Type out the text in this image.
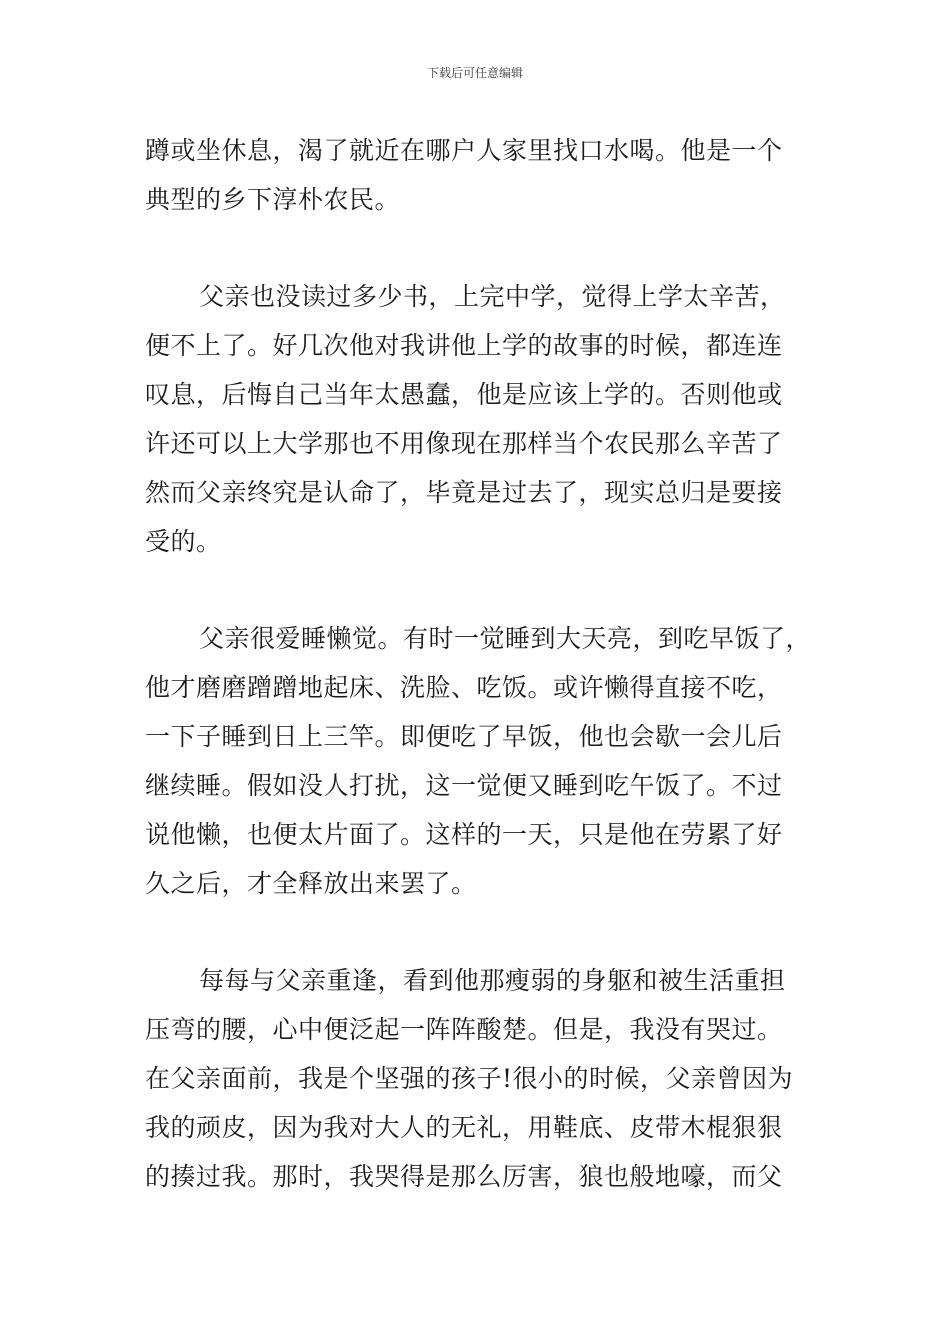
下载后可任意编辑
蹲或坐休息，渴了就近在哪户人家里找口水喝。他是一个
典型的乡下淳朴农民。
父亲也没读过多少书，上完中学，觉得上学太辛苦，
便不上了。好几次他对我讲他上学的故事的时候，都连连
叹息，后悔自己当年太愚蠢，他是应该上学的。否则他或
许还可以上大学那也不用像现在那样当个农民那么辛苦了
然而父亲终究是认命了，毕竟是过去了，现实总归是要接
受的。
父亲很爱睡懒觉。有时一觉睡到大天亮，到吃早饭了，
他才磨磨蹭蹭地起床、洗脸、吃饭。或许懒得直接不吃，
一下子睡到日上三竿。即便吃了早饭，他也会歇一会儿后
继续睡。假如没人打扰，这一觉便又睡到吃午饭了。不过
说他懒，也便太片面了。这样的一天，只是他在劳累了好
久之后，才全释放出来罢了。
每每与父亲重逢，看到他那瘦弱的身躯和被生活重担
压弯的腰，心中便泛起一阵阵酸楚。但是，我没有哭过。
在父亲面前，我是个坚强的孩子!很小的时候，父亲曾因为
我的顽皮，因为我对大人的无礼，用鞋底、皮带木棍狠狠
的揍过我。那时，我哭得是那么厉害，狼也般地嚎，而父
